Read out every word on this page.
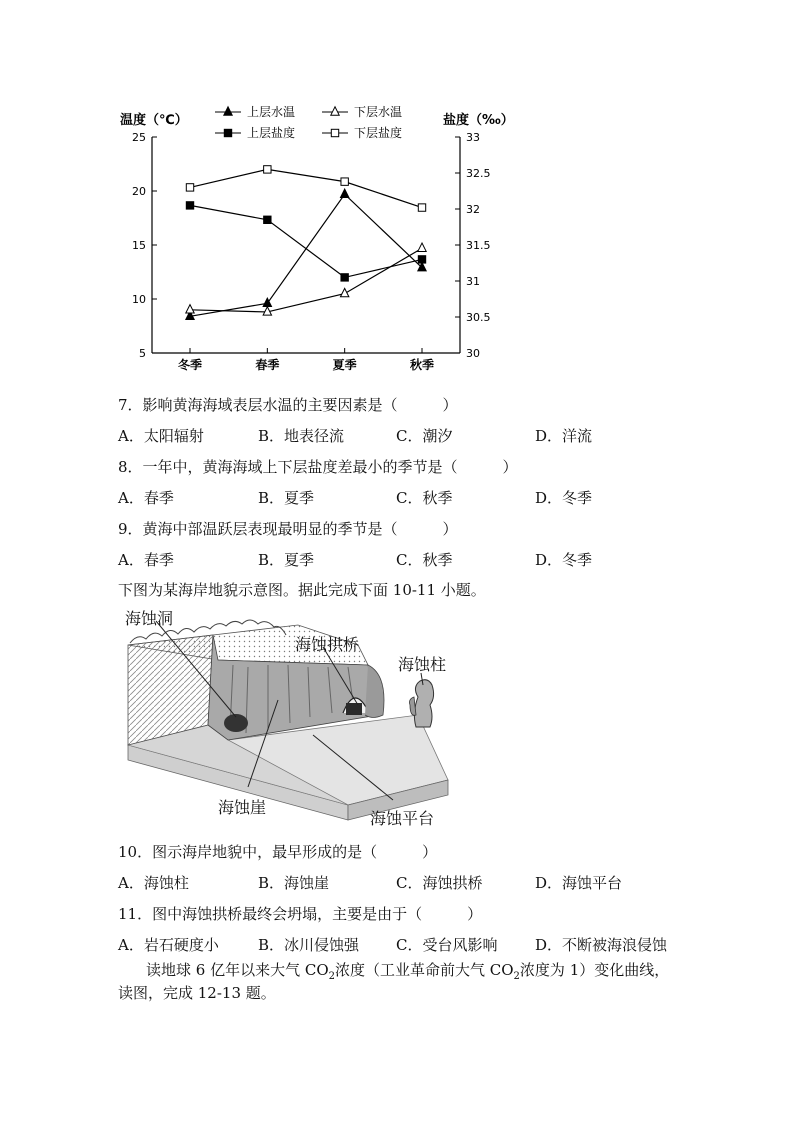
温度（℃）	盐度（‰）
上层水温	下层水温
上层盐度	下层盐度
25
20
15
10
5
33
32.5
32
31.5
31
30.5
30
冬季	春季	夏季	秋季
7．影响黄海海域表层水温的主要因素是（　　　）
A．太阳辐射	B．地表径流	C．潮汐	D．洋流
8．一年中，黄海海域上下层盐度差最小的季节是（　　　）
A．春季	B．夏季	C．秋季	D．冬季
9．黄海中部温跃层表现最明显的季节是（　　　）
A．春季	B．夏季	C．秋季	D．冬季
下图为某海岸地貌示意图。据此完成下面 10-11 小题。
海蚀洞
海蚀拱桥
海蚀柱
海蚀崖
海蚀平台
10．图示海岸地貌中，最早形成的是（　　　）
A．海蚀柱	B．海蚀崖	C．海蚀拱桥	D．海蚀平台
11．图中海蚀拱桥最终会坍塌，主要是由于（　　　）
A．岩石硬度小	B．冰川侵蚀强 C．受台风影响	D．不断被海浪侵蚀
读地球 6 亿年以来大气 $CO_2$浓度（工业革命前大气 $CO_2$浓度为 1）变化曲线，
读图，完成 12-13 题。
